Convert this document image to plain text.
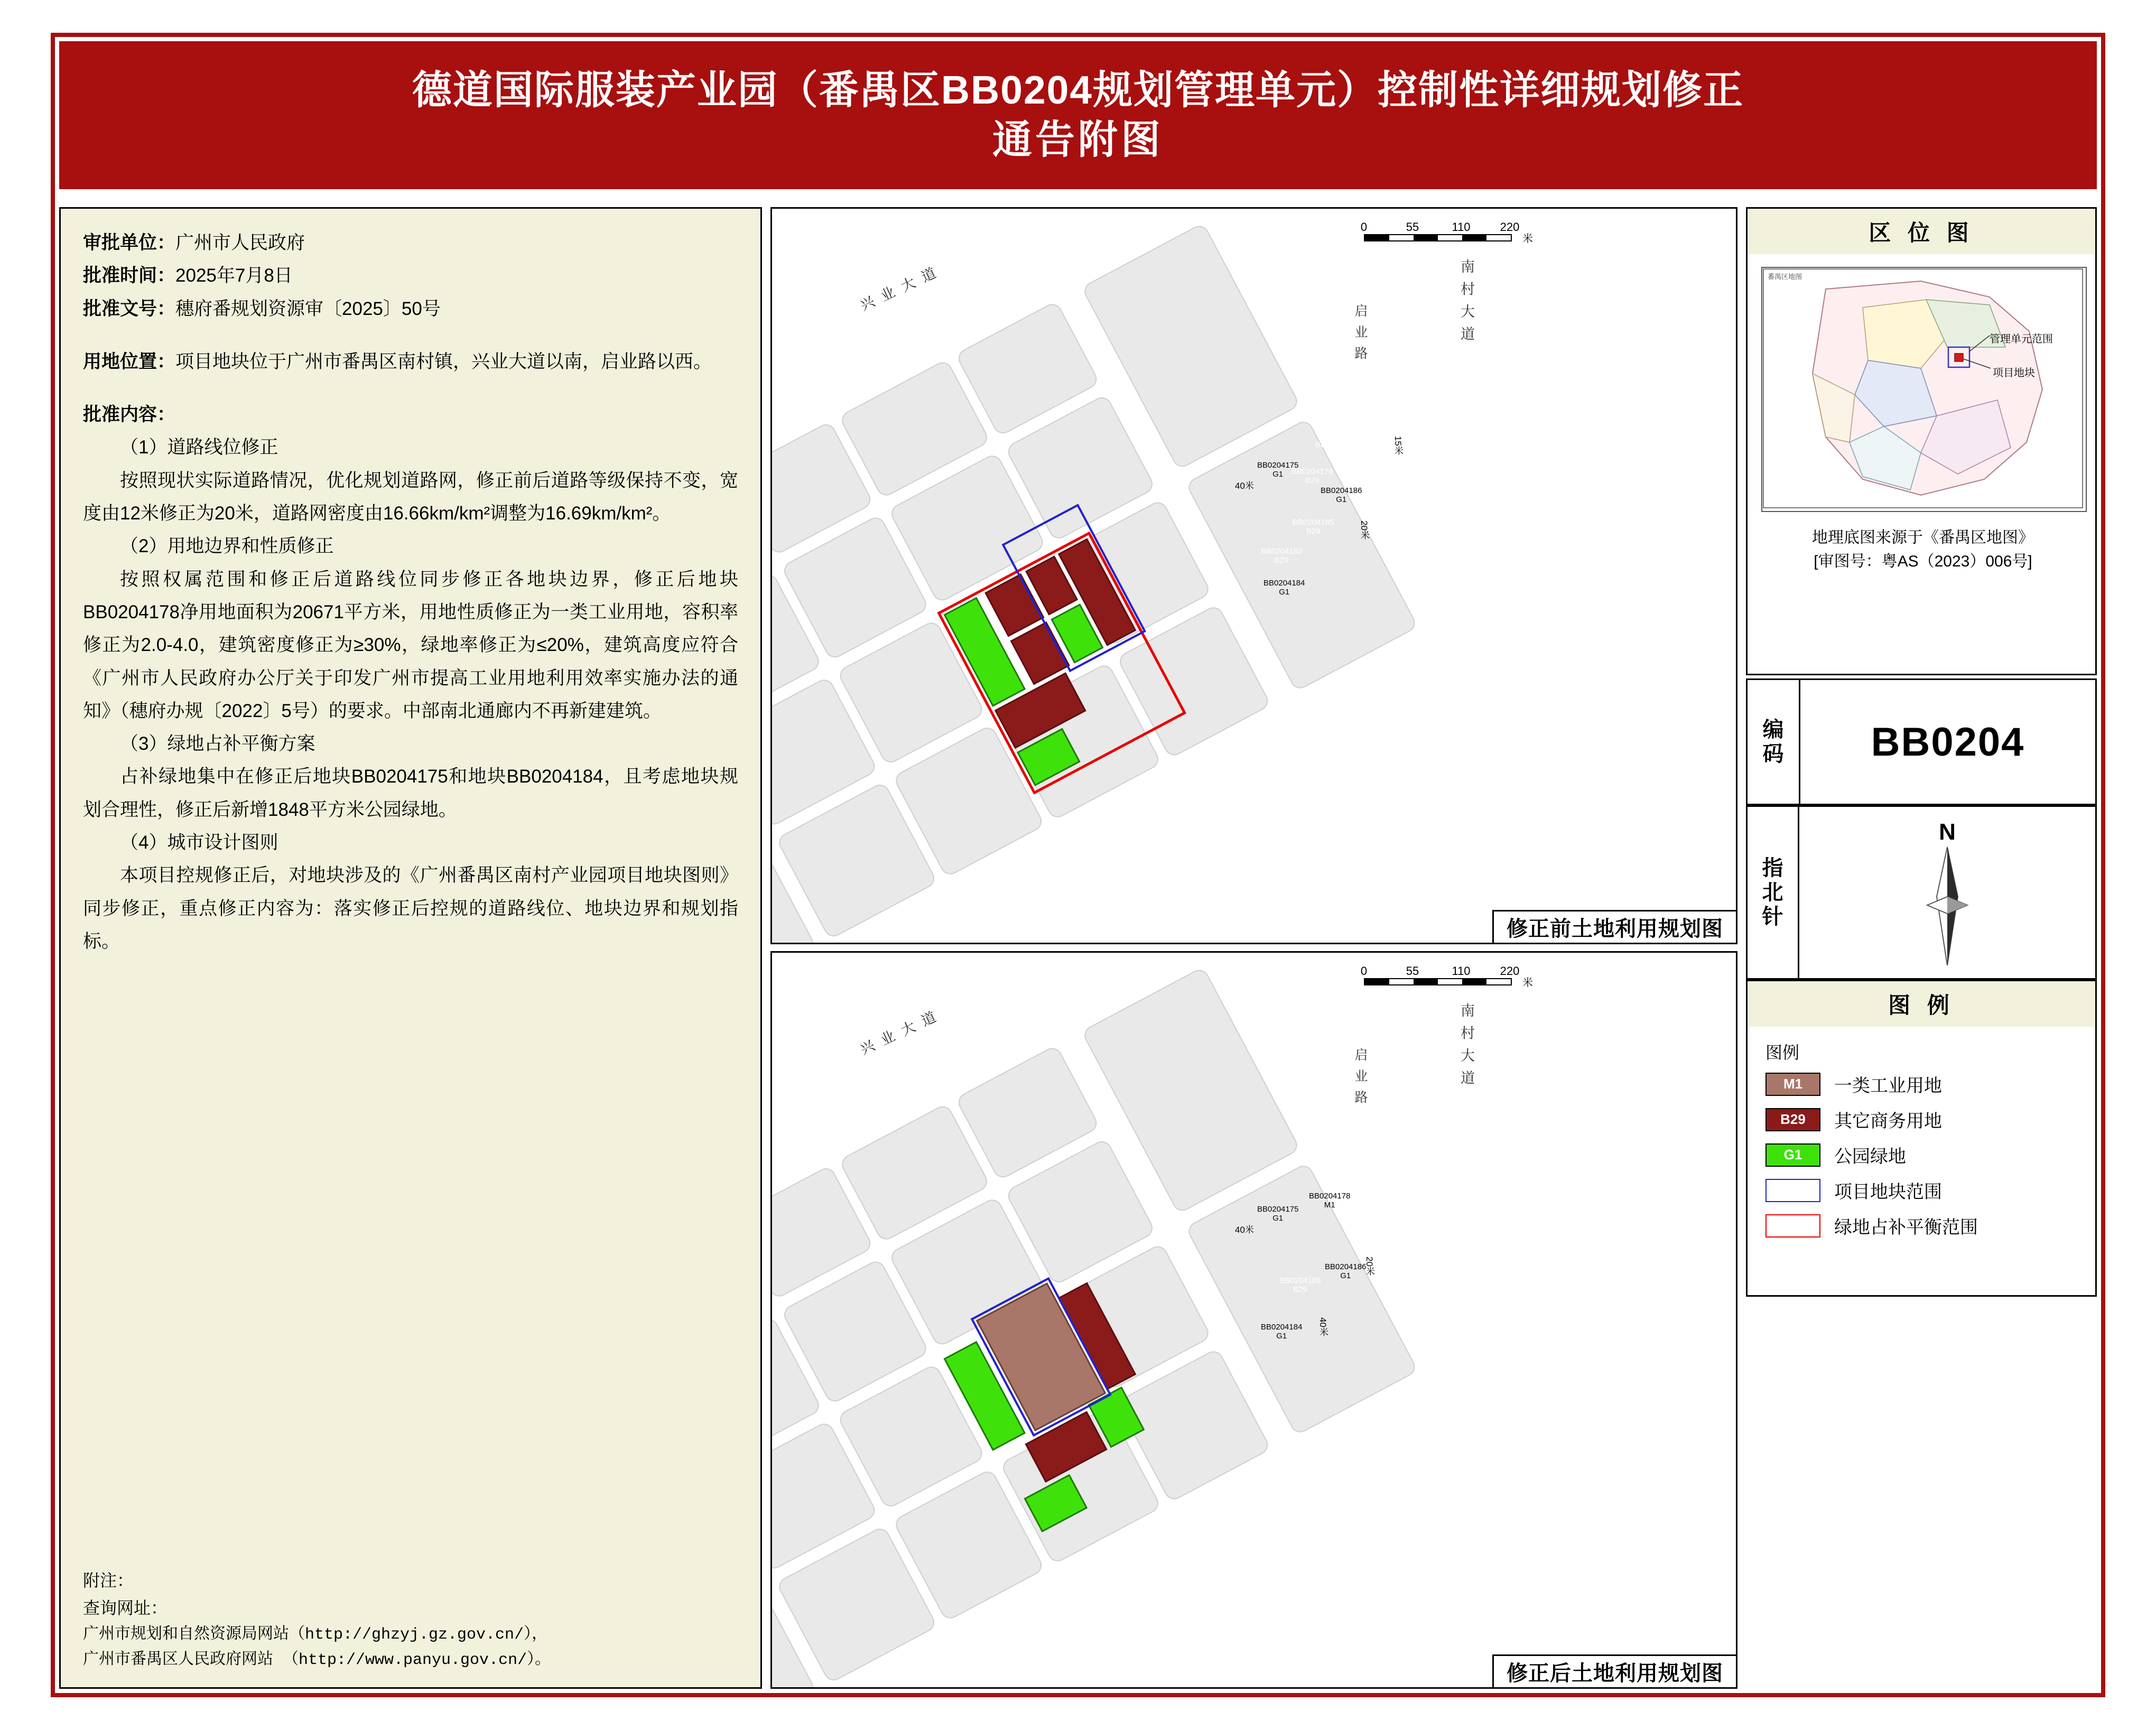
德道国际服装产业园（番禺区BB0204规划管理单元）控制性详细规划修正
通告附图

审批单位：广州市人民政府

批准时间：2025年7月8日

批准文号：穗府番规划资源审〔2025〕50号

用地位置：项目地块位于广州市番禺区南村镇，兴业大道以南，启业路以西。

批准内容：

（1）道路线位修正

按照现状实际道路情况，优化规划道路网，修正前后道路等级保持不变，宽度由12米修正为20米，道路网密度由16.66km/km²调整为16.69km/km²。

（2）用地边界和性质修正

按照权属范围和修正后道路线位同步修正各地块边界，修正后地块BB0204178净用地面积为20671平方米，用地性质修正为一类工业用地，容积率修正为2.0-4.0，建筑密度修正为≥30%，绿地率修正为≤20%，建筑高度应符合《广州市人民政府办公厅关于印发广州市提高工业用地利用效率实施办法的通知》（穗府办规〔2022〕5号）的要求。中部南北通廊内不再新建建筑。

（3）绿地占补平衡方案

占补绿地集中在修正后地块BB0204175和地块BB0204184，且考虑地块规划合理性，修正后新增1848平方米公园绿地。

（4）城市设计图则

本项目控规修正后，对地块涉及的《广州番禺区南村产业园项目地块图则》同步修正，重点修正内容为：落实修正后控规的道路线位、地块边界和规划指标。

附注：
查询网址：
广州市规划和自然资源局网站（http://ghzyj.gz.gov.cn/），
广州市番禺区人民政府网站 （http://www.panyu.gov.cn/）。
0	55	110	220
米
兴 业 大 道	南 村 大 道
启 业 路
BB0204175
G1	BB0204176
B29
BB0204177
B29
BB0204186
G1
BB0204187
B29
BB0204185
B29
BB0204183
B29
BB0204184
G1
40米
20米
15米
修正前土地利用规划图
0	55	110	220
米
兴 业 大 道	南 村 大 道
启 业 路
BB0204175
G1
BB0204178
M1	BB0204187
B29
BB0204186
G1
BB0204185
B29
BB0204184
G1
40米
20米
40米
修正后土地利用规划图
区 位 图
管理单元范围
项目地块
番禺区地图
地理底图来源于《番禺区地图》
[审图号：粤AS（2023）006号]
编
码	BB0204
指
北
针
N
图 例
图例
M1	一类工业用地
B29	其它商务用地
G1	公园绿地
项目地块范围
绿地占补平衡范围
